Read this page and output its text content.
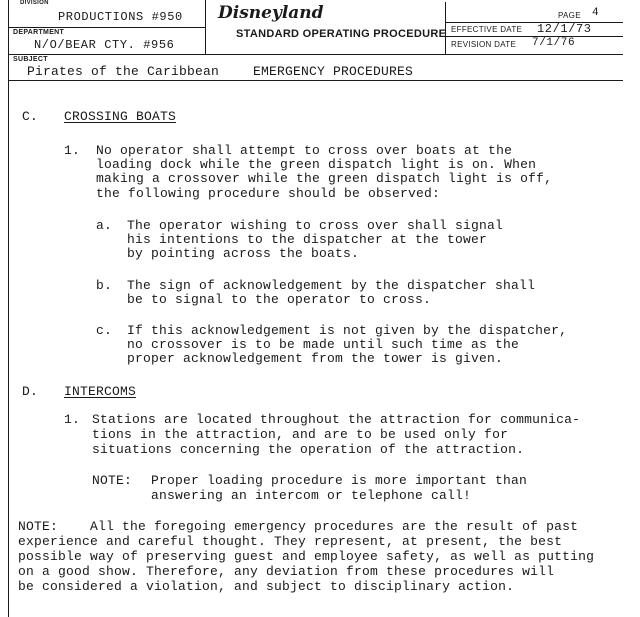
DIVISION
PRODUCTIONS #950
DEPARTMENT
N/O/BEAR CTY. #956
Disneyland
STANDARD OPERATING PROCEDURE
PAGE 4
EFFECTIVE DATE 12/1/73
REVISION DATE 7/1/76
SUBJECT
Pirates of the Caribbean	EMERGENCY PROCEDURES
C. CROSSING BOATS
1. No operator shall attempt to cross over boats at the
loading dock while the green dispatch light is on. When
making a crossover while the green dispatch light is off,
the following procedure should be observed:
a. The operator wishing to cross over shall signal
his intentions to the dispatcher at the tower
by pointing across the boats.
b. The sign of acknowledgement by the dispatcher shall
be to signal to the operator to cross.
c. If this acknowledgement is not given by the dispatcher,
no crossover is to be made until such time as the
proper acknowledgement from the tower is given.
D. INTERCOMS
1. Stations are located throughout the attraction for communica-
tions in the attraction, and are to be used only for
situations concerning the operation of the attraction.
NOTE: Proper loading procedure is more important than
answering an intercom or telephone call!
NOTE: All the foregoing emergency procedures are the result of past
experience and careful thought. They represent, at present, the best
possible way of preserving guest and employee safety, as well as putting
on a good show. Therefore, any deviation from these procedures will
be considered a violation, and subject to disciplinary action.
